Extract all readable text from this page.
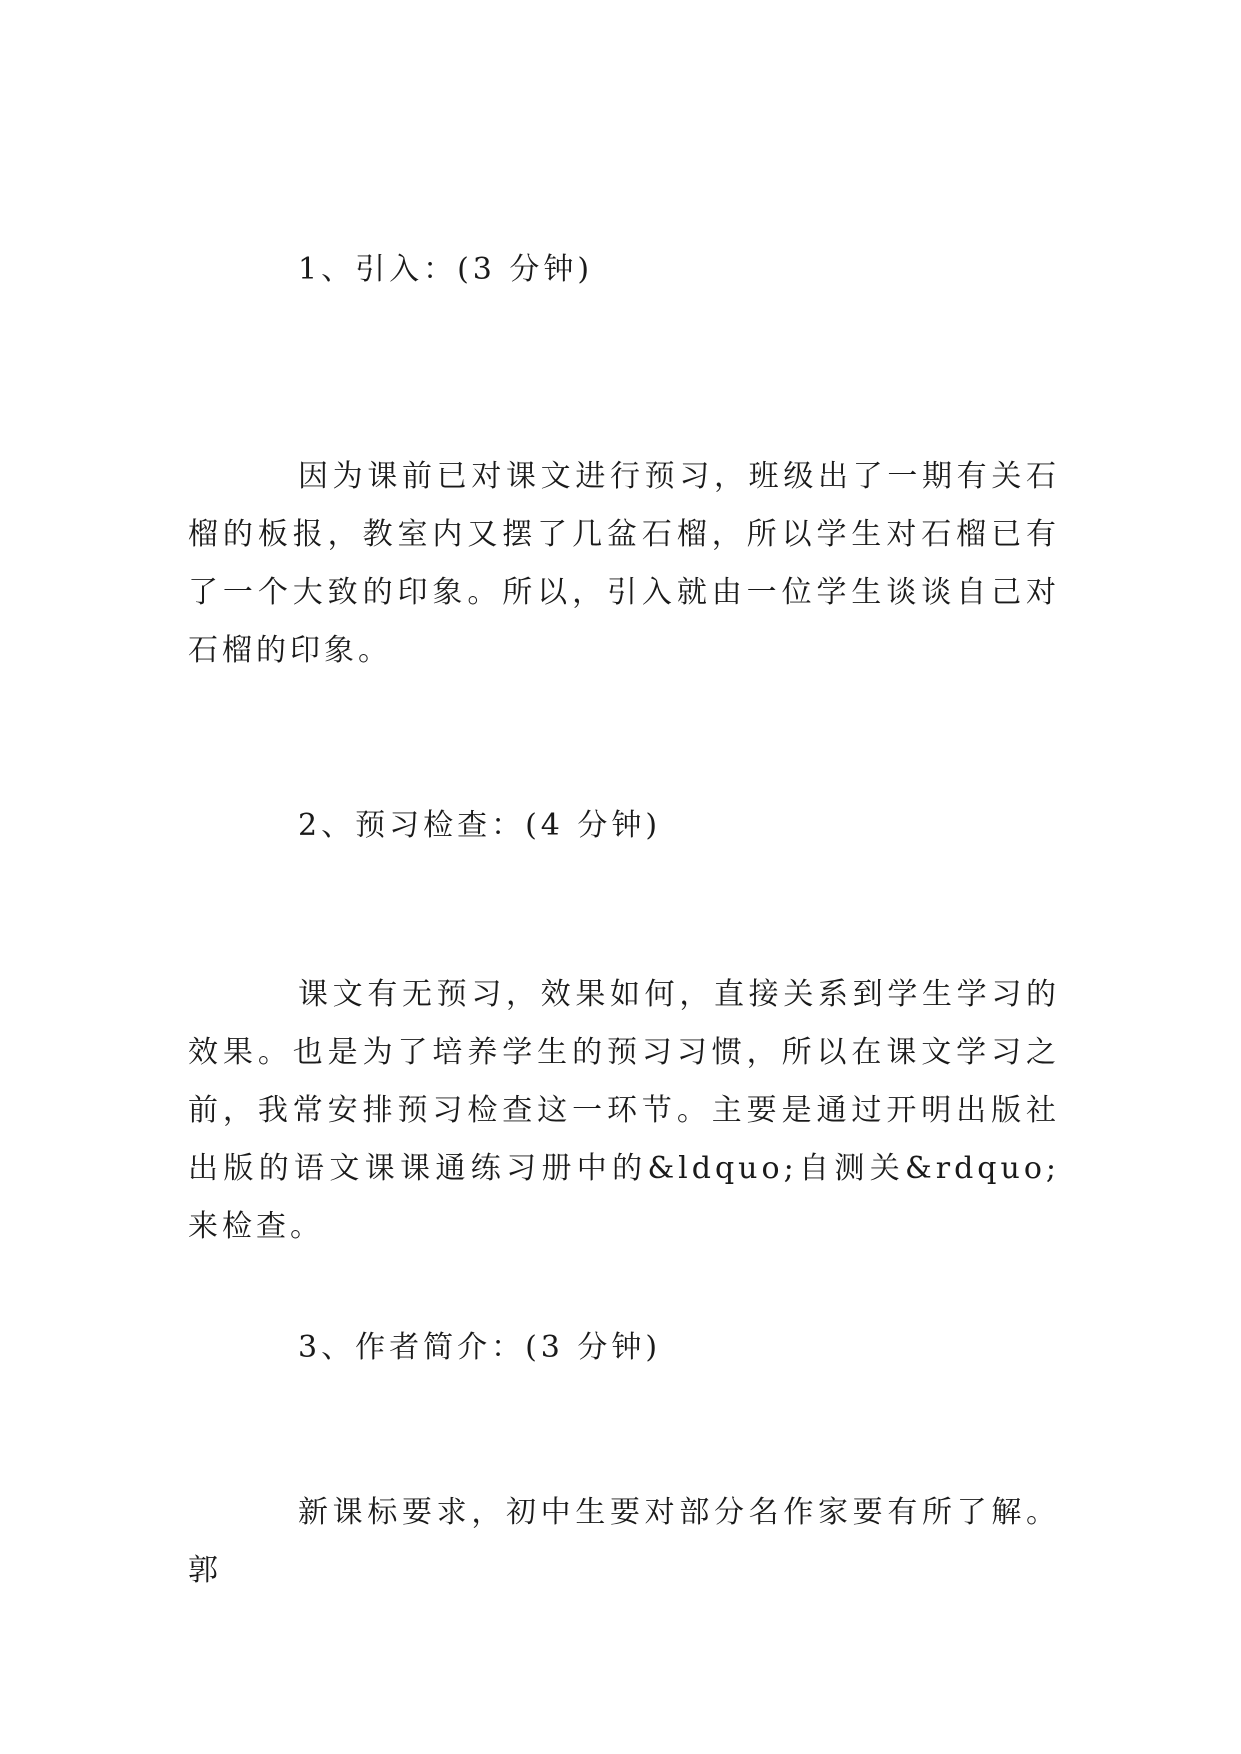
1、引入：(3 分钟)
因为课前已对课文进行预习，班级出了一期有关石榴的板报，教室内又摆了几盆石榴，所以学生对石榴已有了一个大致的印象。所以，引入就由一位学生谈谈自己对石榴的印象。
2、预习检查：(4 分钟)
课文有无预习，效果如何，直接关系到学生学习的效果。也是为了培养学生的预习习惯，所以在课文学习之前，我常安排预习检查这一环节。主要是通过开明出版社出版的语文课课通练习册中的&ldquo;自测关&rdquo;来检查。
3、作者简介：(3 分钟)
新课标要求，初中生要对部分名作家要有所了解。郭
